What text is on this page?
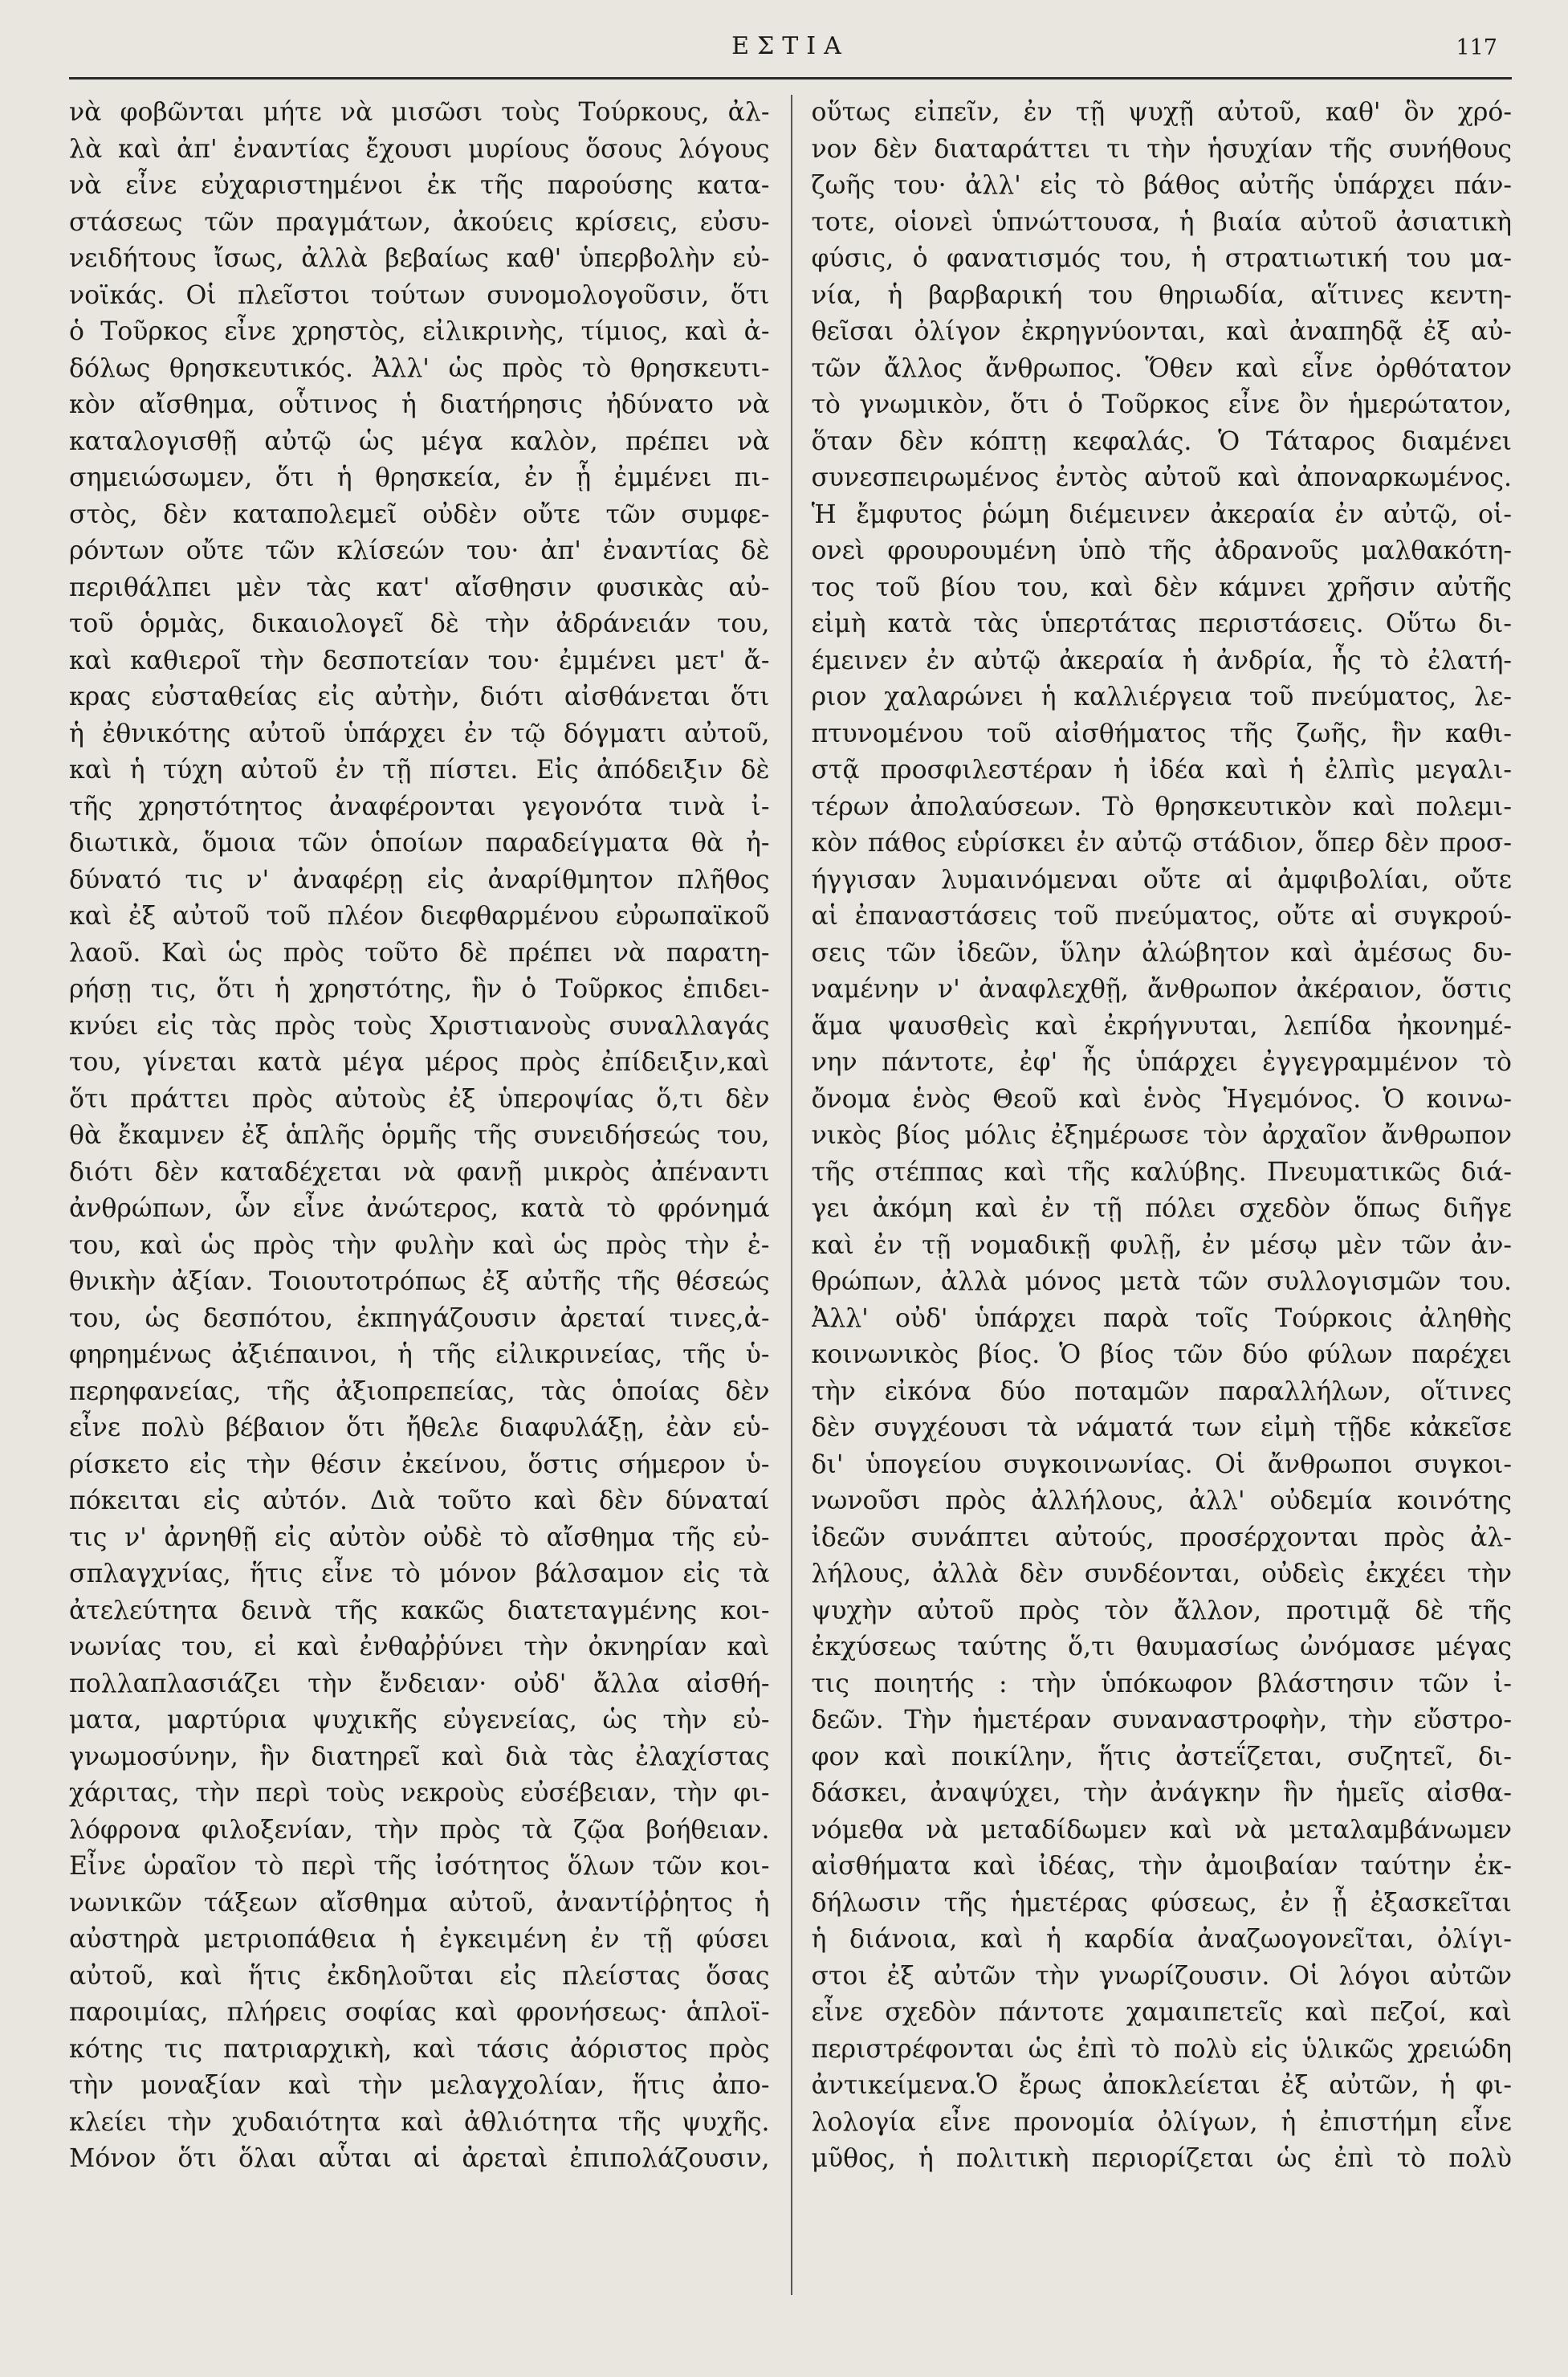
ΕΣΤΙΑ	117
νὰ φοβῶνται μήτε νὰ μισῶσι τοὺς Τούρκους, ἀλ-
λὰ καὶ ἀπ' ἐναντίας ἔχουσι μυρίους ὅσους λόγους
νὰ εἶνε εὐχαριστημένοι ἐκ τῆς παρούσης κατα-
στάσεως τῶν πραγμάτων, ἀκούεις κρίσεις, εὐσυ-
νειδήτους ἴσως, ἀλλὰ βεβαίως καθ' ὑπερβολὴν εὐ-
νοϊκάς. Οἱ πλεῖστοι τούτων συνομολογοῦσιν, ὅτι
ὁ Τοῦρκος εἶνε χρηστὸς, εἰλικρινὴς, τίμιος, καὶ ἀ-
δόλως θρησκευτικός. Ἀλλ' ὡς πρὸς τὸ θρησκευτι-
κὸν αἴσθημα, οὗτινος ἡ διατήρησις ἠδύνατο νὰ
καταλογισθῇ αὐτῷ ὡς μέγα καλὸν, πρέπει νὰ
σημειώσωμεν, ὅτι ἡ θρησκεία, ἐν ᾗ ἐμμένει πι-
στὸς, δὲν καταπολεμεῖ οὐδὲν οὔτε τῶν συμφε-
ρόντων οὔτε τῶν κλίσεών του· ἀπ' ἐναντίας δὲ
περιθάλπει μὲν τὰς κατ' αἴσθησιν φυσικὰς αὐ-
τοῦ ὁρμὰς, δικαιολογεῖ δὲ τὴν ἀδράνειάν του,
καὶ καθιεροῖ τὴν δεσποτείαν του· ἐμμένει μετ' ἄ-
κρας εὐσταθείας εἰς αὐτὴν, διότι αἰσθάνεται ὅτι
ἡ ἐθνικότης αὐτοῦ ὑπάρχει ἐν τῷ δόγματι αὐτοῦ,
καὶ ἡ τύχη αὐτοῦ ἐν τῇ πίστει. Εἰς ἀπόδειξιν δὲ
τῆς χρηστότητος ἀναφέρονται γεγονότα τινὰ ἰ-
διωτικὰ, ὅμοια τῶν ὁποίων παραδείγματα θὰ ἠ-
δύνατό τις ν' ἀναφέρῃ εἰς ἀναρίθμητον πλῆθος
καὶ ἐξ αὐτοῦ τοῦ πλέον διεφθαρμένου εὐρωπαϊκοῦ
λαοῦ. Καὶ ὡς πρὸς τοῦτο δὲ πρέπει νὰ παρατη-
ρήσῃ τις, ὅτι ἡ χρηστότης, ἣν ὁ Τοῦρκος ἐπιδει-
κνύει εἰς τὰς πρὸς τοὺς Χριστιανοὺς συναλλαγάς
του, γίνεται κατὰ μέγα μέρος πρὸς ἐπίδειξιν,καὶ
ὅτι πράττει πρὸς αὐτοὺς ἐξ ὑπεροψίας ὅ,τι δὲν
θὰ ἔκαμνεν ἐξ ἁπλῆς ὁρμῆς τῆς συνειδήσεώς του,
διότι δὲν καταδέχεται νὰ φανῇ μικρὸς ἀπέναντι
ἀνθρώπων, ὧν εἶνε ἀνώτερος, κατὰ τὸ φρόνημά
του, καὶ ὡς πρὸς τὴν φυλὴν καὶ ὡς πρὸς τὴν ἐ-
θνικὴν ἀξίαν. Τοιουτοτρόπως ἐξ αὐτῆς τῆς θέσεώς
του, ὡς δεσπότου, ἐκπηγάζουσιν ἀρεταί τινες,ἀ-
φηρημένως ἀξιέπαινοι, ἡ τῆς εἰλικρινείας, τῆς ὑ-
περηφανείας, τῆς ἀξιοπρεπείας, τὰς ὁποίας δὲν
εἶνε πολὺ βέβαιον ὅτι ἤθελε διαφυλάξῃ, ἐὰν εὑ-
ρίσκετο εἰς τὴν θέσιν ἐκείνου, ὅστις σήμερον ὑ-
πόκειται εἰς αὐτόν. Διὰ τοῦτο καὶ δὲν δύναταί
τις ν' ἀρνηθῇ εἰς αὐτὸν οὐδὲ τὸ αἴσθημα τῆς εὐ-
σπλαγχνίας, ἥτις εἶνε τὸ μόνον βάλσαμον εἰς τὰ
ἀτελεύτητα δεινὰ τῆς κακῶς διατεταγμένης κοι-
νωνίας του, εἰ καὶ ἐνθαῤῥύνει τὴν ὀκνηρίαν καὶ
πολλαπλασιάζει τὴν ἔνδειαν· οὐδ' ἄλλα αἰσθή-
ματα, μαρτύρια ψυχικῆς εὐγενείας, ὡς τὴν εὐ-
γνωμοσύνην, ἣν διατηρεῖ καὶ διὰ τὰς ἐλαχίστας
χάριτας, τὴν περὶ τοὺς νεκροὺς εὐσέβειαν, τὴν φι-
λόφρονα φιλοξενίαν, τὴν πρὸς τὰ ζῷα βοήθειαν.
Εἶνε ὡραῖον τὸ περὶ τῆς ἰσότητος ὅλων τῶν κοι-
νωνικῶν τάξεων αἴσθημα αὐτοῦ, ἀναντίῤῥητος ἡ
αὐστηρὰ μετριοπάθεια ἡ ἐγκειμένη ἐν τῇ φύσει
αὐτοῦ, καὶ ἥτις ἐκδηλοῦται εἰς πλείστας ὅσας
παροιμίας, πλήρεις σοφίας καὶ φρονήσεως· ἁπλοϊ-
κότης τις πατριαρχικὴ, καὶ τάσις ἀόριστος πρὸς
τὴν μοναξίαν καὶ τὴν μελαγχολίαν, ἥτις ἀπο-
κλείει τὴν χυδαιότητα καὶ ἀθλιότητα τῆς ψυχῆς.
Μόνον ὅτι ὅλαι αὗται αἱ ἀρεταὶ ἐπιπολάζουσιν,
οὕτως εἰπεῖν, ἐν τῇ ψυχῇ αὐτοῦ, καθ' ὃν χρό-
νον δὲν διαταράττει τι τὴν ἡσυχίαν τῆς συνήθους
ζωῆς του· ἀλλ' εἰς τὸ βάθος αὐτῆς ὑπάρχει πάν-
τοτε, οἱονεὶ ὑπνώττουσα, ἡ βιαία αὐτοῦ ἀσιατικὴ
φύσις, ὁ φανατισμός του, ἡ στρατιωτική του μα-
νία, ἡ βαρβαρική του θηριωδία, αἵτινες κεντη-
θεῖσαι ὀλίγον ἐκρηγνύονται, καὶ ἀναπηδᾷ ἐξ αὐ-
τῶν ἄλλος ἄνθρωπος. Ὅθεν καὶ εἶνε ὀρθότατον
τὸ γνωμικὸν, ὅτι ὁ Τοῦρκος εἶνε ὂν ἡμερώτατον,
ὅταν δὲν κόπτῃ κεφαλάς. Ὁ Τάταρος διαμένει
συνεσπειρωμένος ἐντὸς αὐτοῦ καὶ ἀποναρκωμένος.
Ἡ ἔμφυτος ῥώμη διέμεινεν ἀκεραία ἐν αὐτῷ, οἱ-
ονεὶ φρουρουμένη ὑπὸ τῆς ἀδρανοῦς μαλθακότη-
τος τοῦ βίου του, καὶ δὲν κάμνει χρῆσιν αὐτῆς
εἰμὴ κατὰ τὰς ὑπερτάτας περιστάσεις. Οὕτω δι-
έμεινεν ἐν αὐτῷ ἀκεραία ἡ ἀνδρία, ἧς τὸ ἐλατή-
ριον χαλαρώνει ἡ καλλιέργεια τοῦ πνεύματος, λε-
πτυνομένου τοῦ αἰσθήματος τῆς ζωῆς, ἣν καθι-
στᾷ προσφιλεστέραν ἡ ἰδέα καὶ ἡ ἐλπὶς μεγαλι-
τέρων ἀπολαύσεων. Τὸ θρησκευτικὸν καὶ πολεμι-
κὸν πάθος εὑρίσκει ἐν αὐτῷ στάδιον, ὅπερ δὲν προσ-
ήγγισαν λυμαινόμεναι οὔτε αἱ ἀμφιβολίαι, οὔτε
αἱ ἐπαναστάσεις τοῦ πνεύματος, οὔτε αἱ συγκρού-
σεις τῶν ἰδεῶν, ὕλην ἀλώβητον καὶ ἀμέσως δυ-
ναμένην ν' ἀναφλεχθῇ, ἄνθρωπον ἀκέραιον, ὅστις
ἅμα ψαυσθεὶς καὶ ἐκρήγνυται, λεπίδα ἠκονημέ-
νην πάντοτε, ἐφ' ἧς ὑπάρχει ἐγγεγραμμένον τὸ
ὄνομα ἑνὸς Θεοῦ καὶ ἑνὸς Ἡγεμόνος. Ὁ κοινω-
νικὸς βίος μόλις ἐξημέρωσε τὸν ἀρχαῖον ἄνθρωπον
τῆς στέππας καὶ τῆς καλύβης. Πνευματικῶς διά-
γει ἀκόμη καὶ ἐν τῇ πόλει σχεδὸν ὅπως διῆγε
καὶ ἐν τῇ νομαδικῇ φυλῇ, ἐν μέσῳ μὲν τῶν ἀν-
θρώπων, ἀλλὰ μόνος μετὰ τῶν συλλογισμῶν του.
Ἀλλ' οὐδ' ὑπάρχει παρὰ τοῖς Τούρκοις ἀληθὴς
κοινωνικὸς βίος. Ὁ βίος τῶν δύο φύλων παρέχει
τὴν εἰκόνα δύο ποταμῶν παραλλήλων, οἵτινες
δὲν συγχέουσι τὰ νάματά των εἰμὴ τῇδε κἀκεῖσε
δι' ὑπογείου συγκοινωνίας. Οἱ ἄνθρωποι συγκοι-
νωνοῦσι πρὸς ἀλλήλους, ἀλλ' οὐδεμία κοινότης
ἰδεῶν συνάπτει αὐτούς, προσέρχονται πρὸς ἀλ-
λήλους, ἀλλὰ δὲν συνδέονται, οὐδεὶς ἐκχέει τὴν
ψυχὴν αὐτοῦ πρὸς τὸν ἄλλον, προτιμᾷ δὲ τῆς
ἐκχύσεως ταύτης ὅ,τι θαυμασίως ὠνόμασε μέγας
τις ποιητής : τὴν ὑπόκωφον βλάστησιν τῶν ἰ-
δεῶν. Τὴν ἡμετέραν συναναστροφὴν, τὴν εὔστρο-
φον καὶ ποικίλην, ἥτις ἀστεΐζεται, συζητεῖ, δι-
δάσκει, ἀναψύχει, τὴν ἀνάγκην ἣν ἡμεῖς αἰσθα-
νόμεθα νὰ μεταδίδωμεν καὶ νὰ μεταλαμβάνωμεν
αἰσθήματα καὶ ἰδέας, τὴν ἀμοιβαίαν ταύτην ἐκ-
δήλωσιν τῆς ἡμετέρας φύσεως, ἐν ᾗ ἐξασκεῖται
ἡ διάνοια, καὶ ἡ καρδία ἀναζωογονεῖται, ὀλίγι-
στοι ἐξ αὐτῶν τὴν γνωρίζουσιν. Οἱ λόγοι αὐτῶν
εἶνε σχεδὸν πάντοτε χαμαιπετεῖς καὶ πεζοί, καὶ
περιστρέφονται ὡς ἐπὶ τὸ πολὺ εἰς ὑλικῶς χρειώδη
ἀντικείμενα.Ὁ ἔρως ἀποκλείεται ἐξ αὐτῶν, ἡ φι-
λολογία εἶνε προνομία ὀλίγων, ἡ ἐπιστήμη εἶνε
μῦθος, ἡ πολιτικὴ περιορίζεται ὡς ἐπὶ τὸ πολὺ
